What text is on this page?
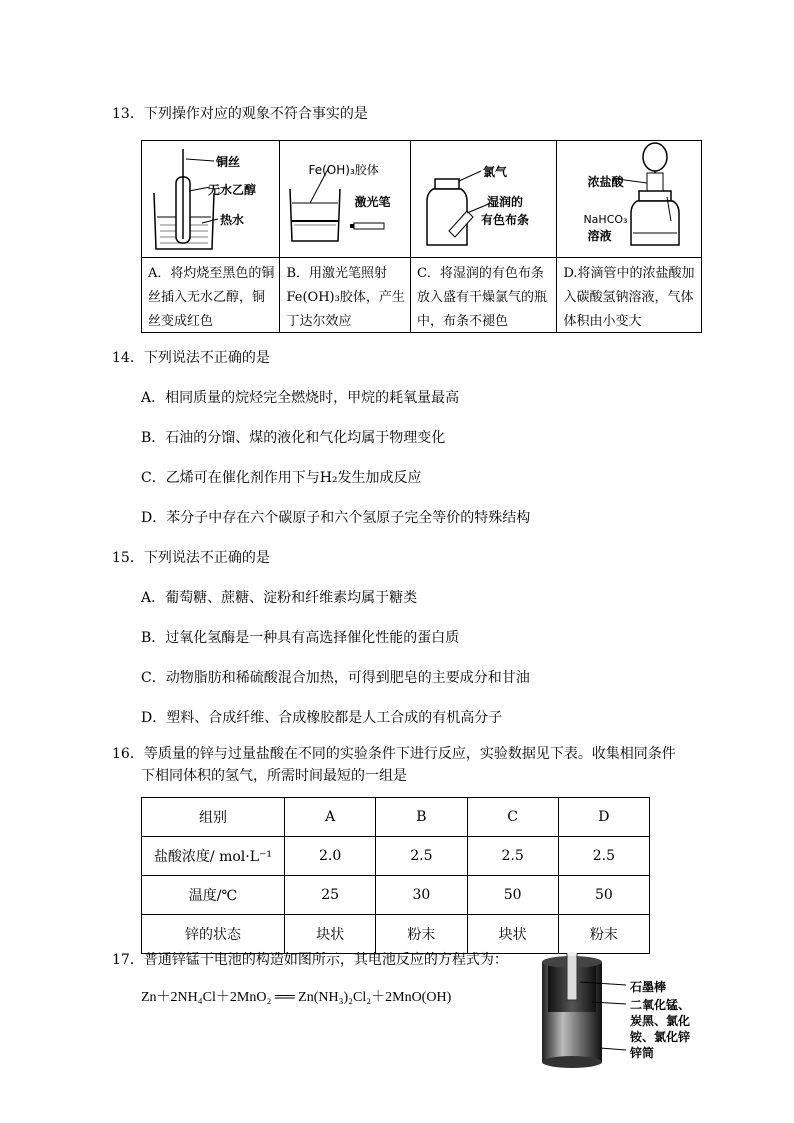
13．下列操作对应的观象不符合事实的是
铜丝
无水乙醇
热水	Fe(OH)₃胶体
激光笔	氯气
湿润的
有色布条	浓盐酸
NaHCO₃
溶液

A．将灼烧至黑色的铜丝插入无水乙醇，铜丝变成红色	B．用激光笔照射Fe(OH)₃胶体，产生丁达尔效应	C．将湿润的有色布条放入盛有干燥氯气的瓶中，布条不褪色	D.将滴管中的浓盐酸加入碳酸氢钠溶液，气体体积由小变大
14．下列说法不正确的是
A．相同质量的烷烃完全燃烧时，甲烷的耗氧量最高
B．石油的分馏、煤的液化和气化均属于物理变化
C．乙烯可在催化剂作用下与H₂发生加成反应
D．苯分子中存在六个碳原子和六个氢原子完全等价的特殊结构
15．下列说法不正确的是
A．葡萄糖、蔗糖、淀粉和纤维素均属于糖类
B．过氧化氢酶是一种具有高选择催化性能的蛋白质
C．动物脂肪和稀硫酸混合加热，可得到肥皂的主要成分和甘油
D．塑料、合成纤维、合成橡胶都是人工合成的有机高分子
16．等质量的锌与过量盐酸在不同的实验条件下进行反应，实验数据见下表。收集相同条件
下相同体积的氢气，所需时间最短的一组是
组别	A	B	C	D
盐酸浓度/ mol·L⁻¹	2.0	2.5	2.5	2.5
温度/℃	25	30	50	50
锌的状态	块状	粉末	块状	粉末
17．普通锌锰干电池的构造如图所示，其电池反应的方程式为：
Zn＋2NH₄Cl＋2MnO₂ ══ Zn(NH₃)₂Cl₂＋2MnO(OH)
石墨棒
二氧化锰、
炭黑、氯化
铵、氯化锌
锌筒
